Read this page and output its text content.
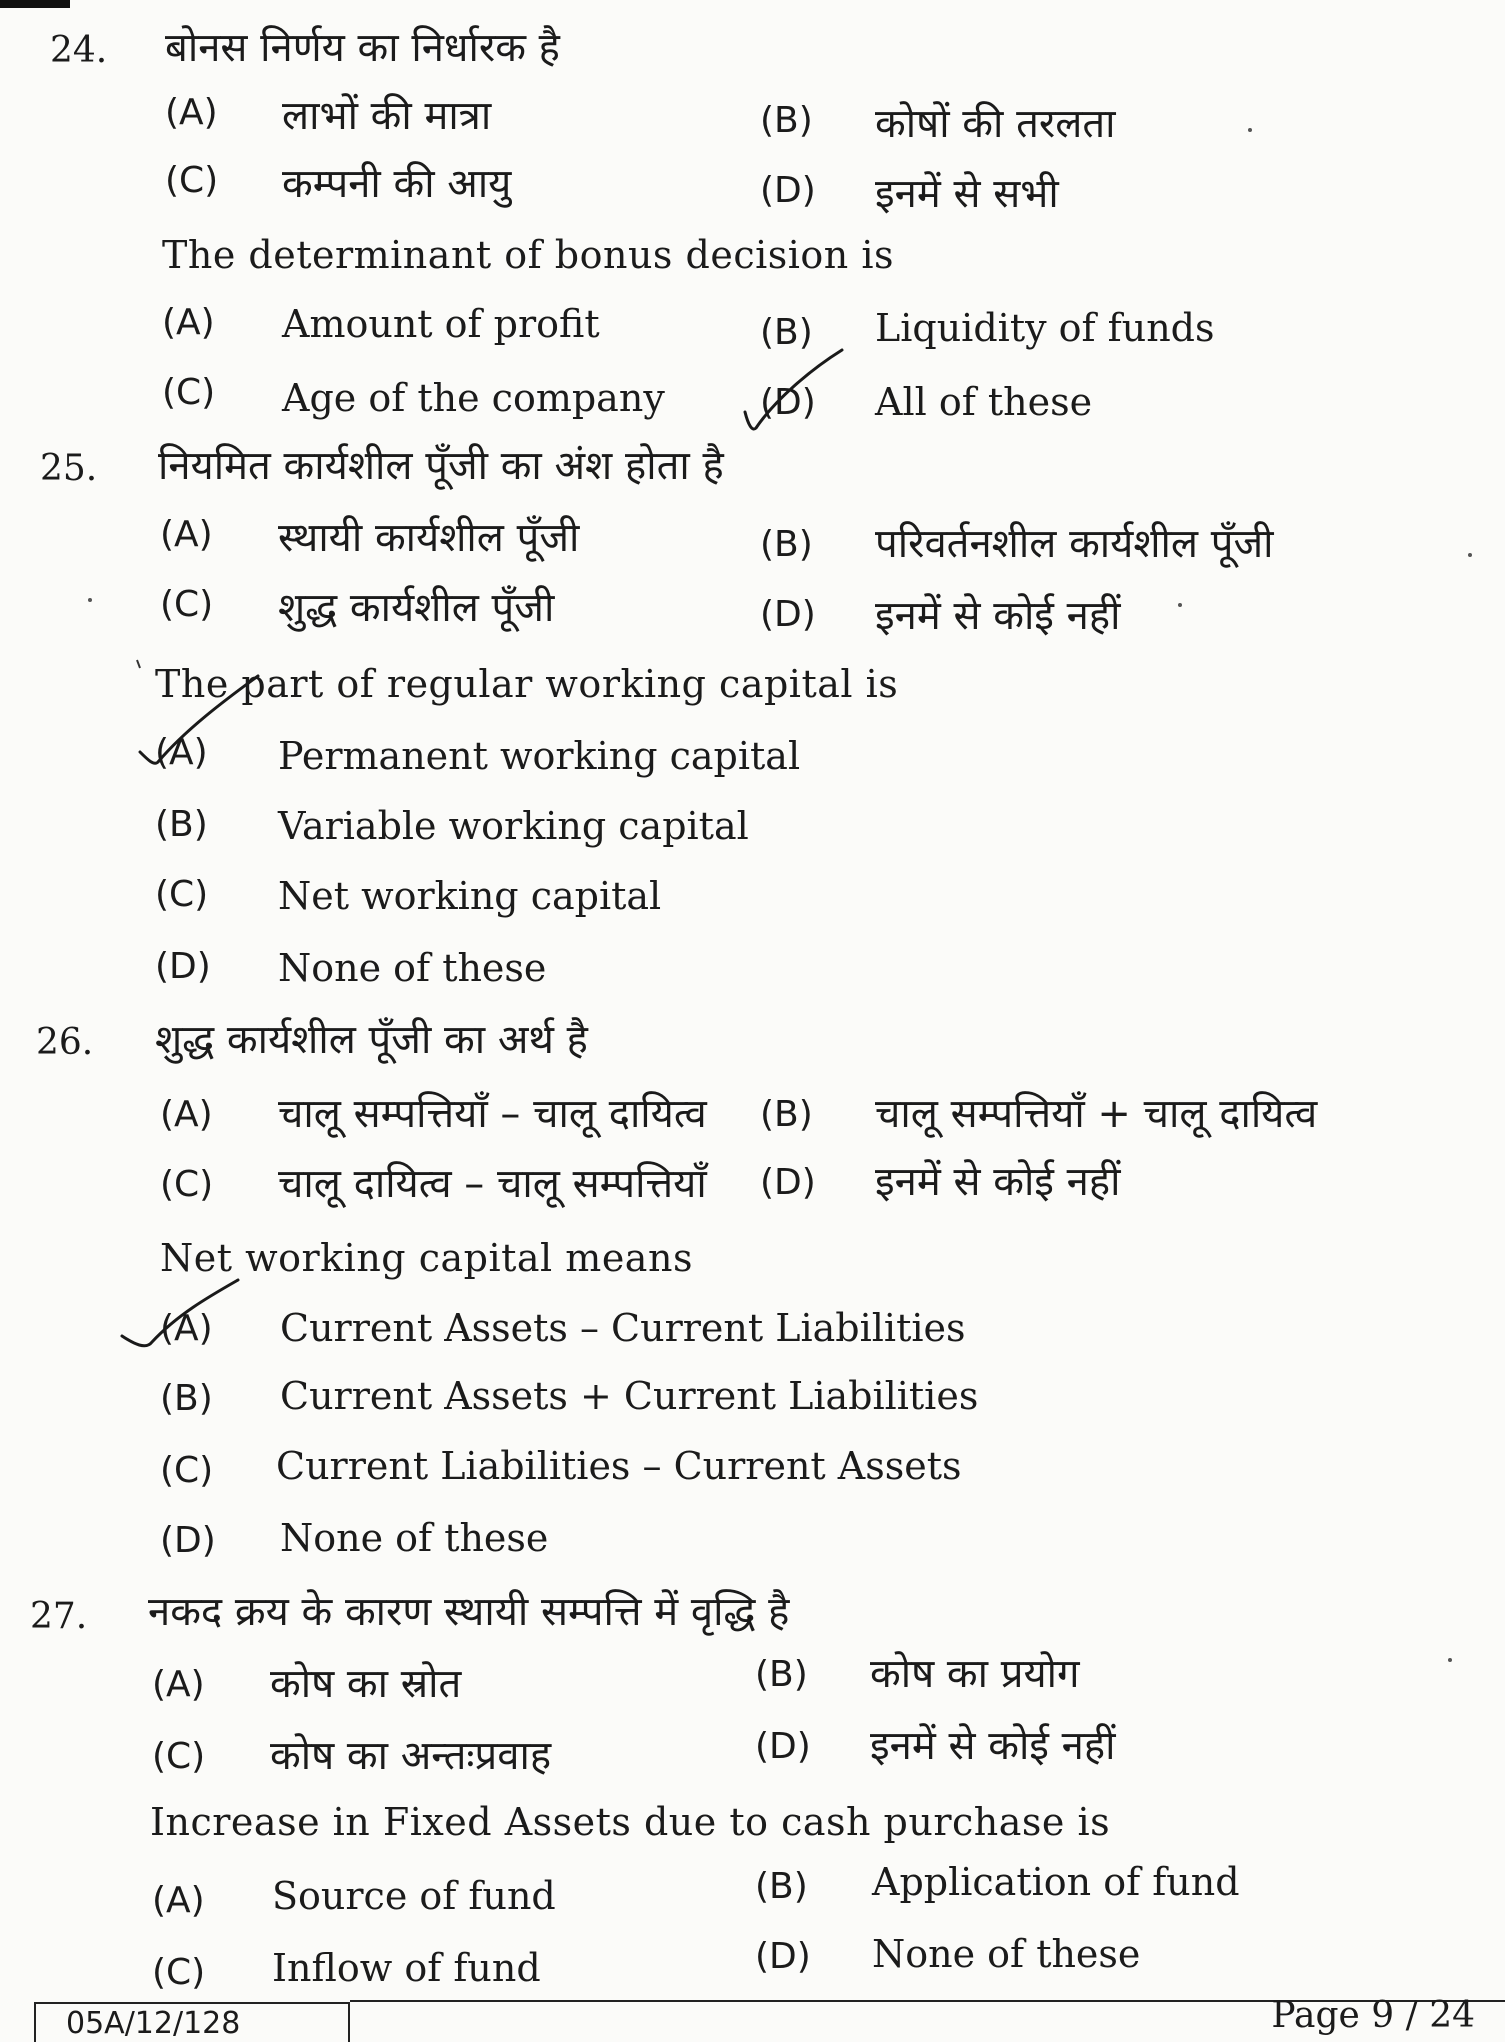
24. बोनस निर्णय का निर्धारक है
(A) लाभों की मात्रा	(B) कोषों की तरलता
(C) कम्पनी की आयु	(D) इनमें से सभी
The determinant of bonus decision is
(A) Amount of profit	(B) Liquidity of funds
(C) Age of the company	(D) All of these
25. नियमित कार्यशील पूँजी का अंश होता है
(A) स्थायी कार्यशील पूँजी	(B) परिवर्तनशील कार्यशील पूँजी
(C) शुद्ध कार्यशील पूँजी	(D) इनमें से कोई नहीं
The part of regular working capital is
(A) Permanent working capital
(B) Variable working capital
(C) Net working capital
(D) None of these
26. शुद्ध कार्यशील पूँजी का अर्थ है
(A) चालू सम्पत्तियाँ – चालू दायित्व (B) चालू सम्पत्तियाँ + चालू दायित्व
(C) चालू दायित्व – चालू सम्पत्तियाँ (D) इनमें से कोई नहीं
Net working capital means
(A) Current Assets – Current Liabilities
(B) Current Assets + Current Liabilities
(C) Current Liabilities – Current Assets
(D) None of these
27. नकद क्रय के कारण स्थायी सम्पत्ति में वृद्धि है
(A) कोष का स्रोत	(B) कोष का प्रयोग
(C) कोष का अन्तःप्रवाह	(D) इनमें से कोई नहीं
Increase in Fixed Assets due to cash purchase is
(A) Source of fund	(B) Application of fund
(C) Inflow of fund	(D) None of these
05A/12/128	Page 9 / 24
